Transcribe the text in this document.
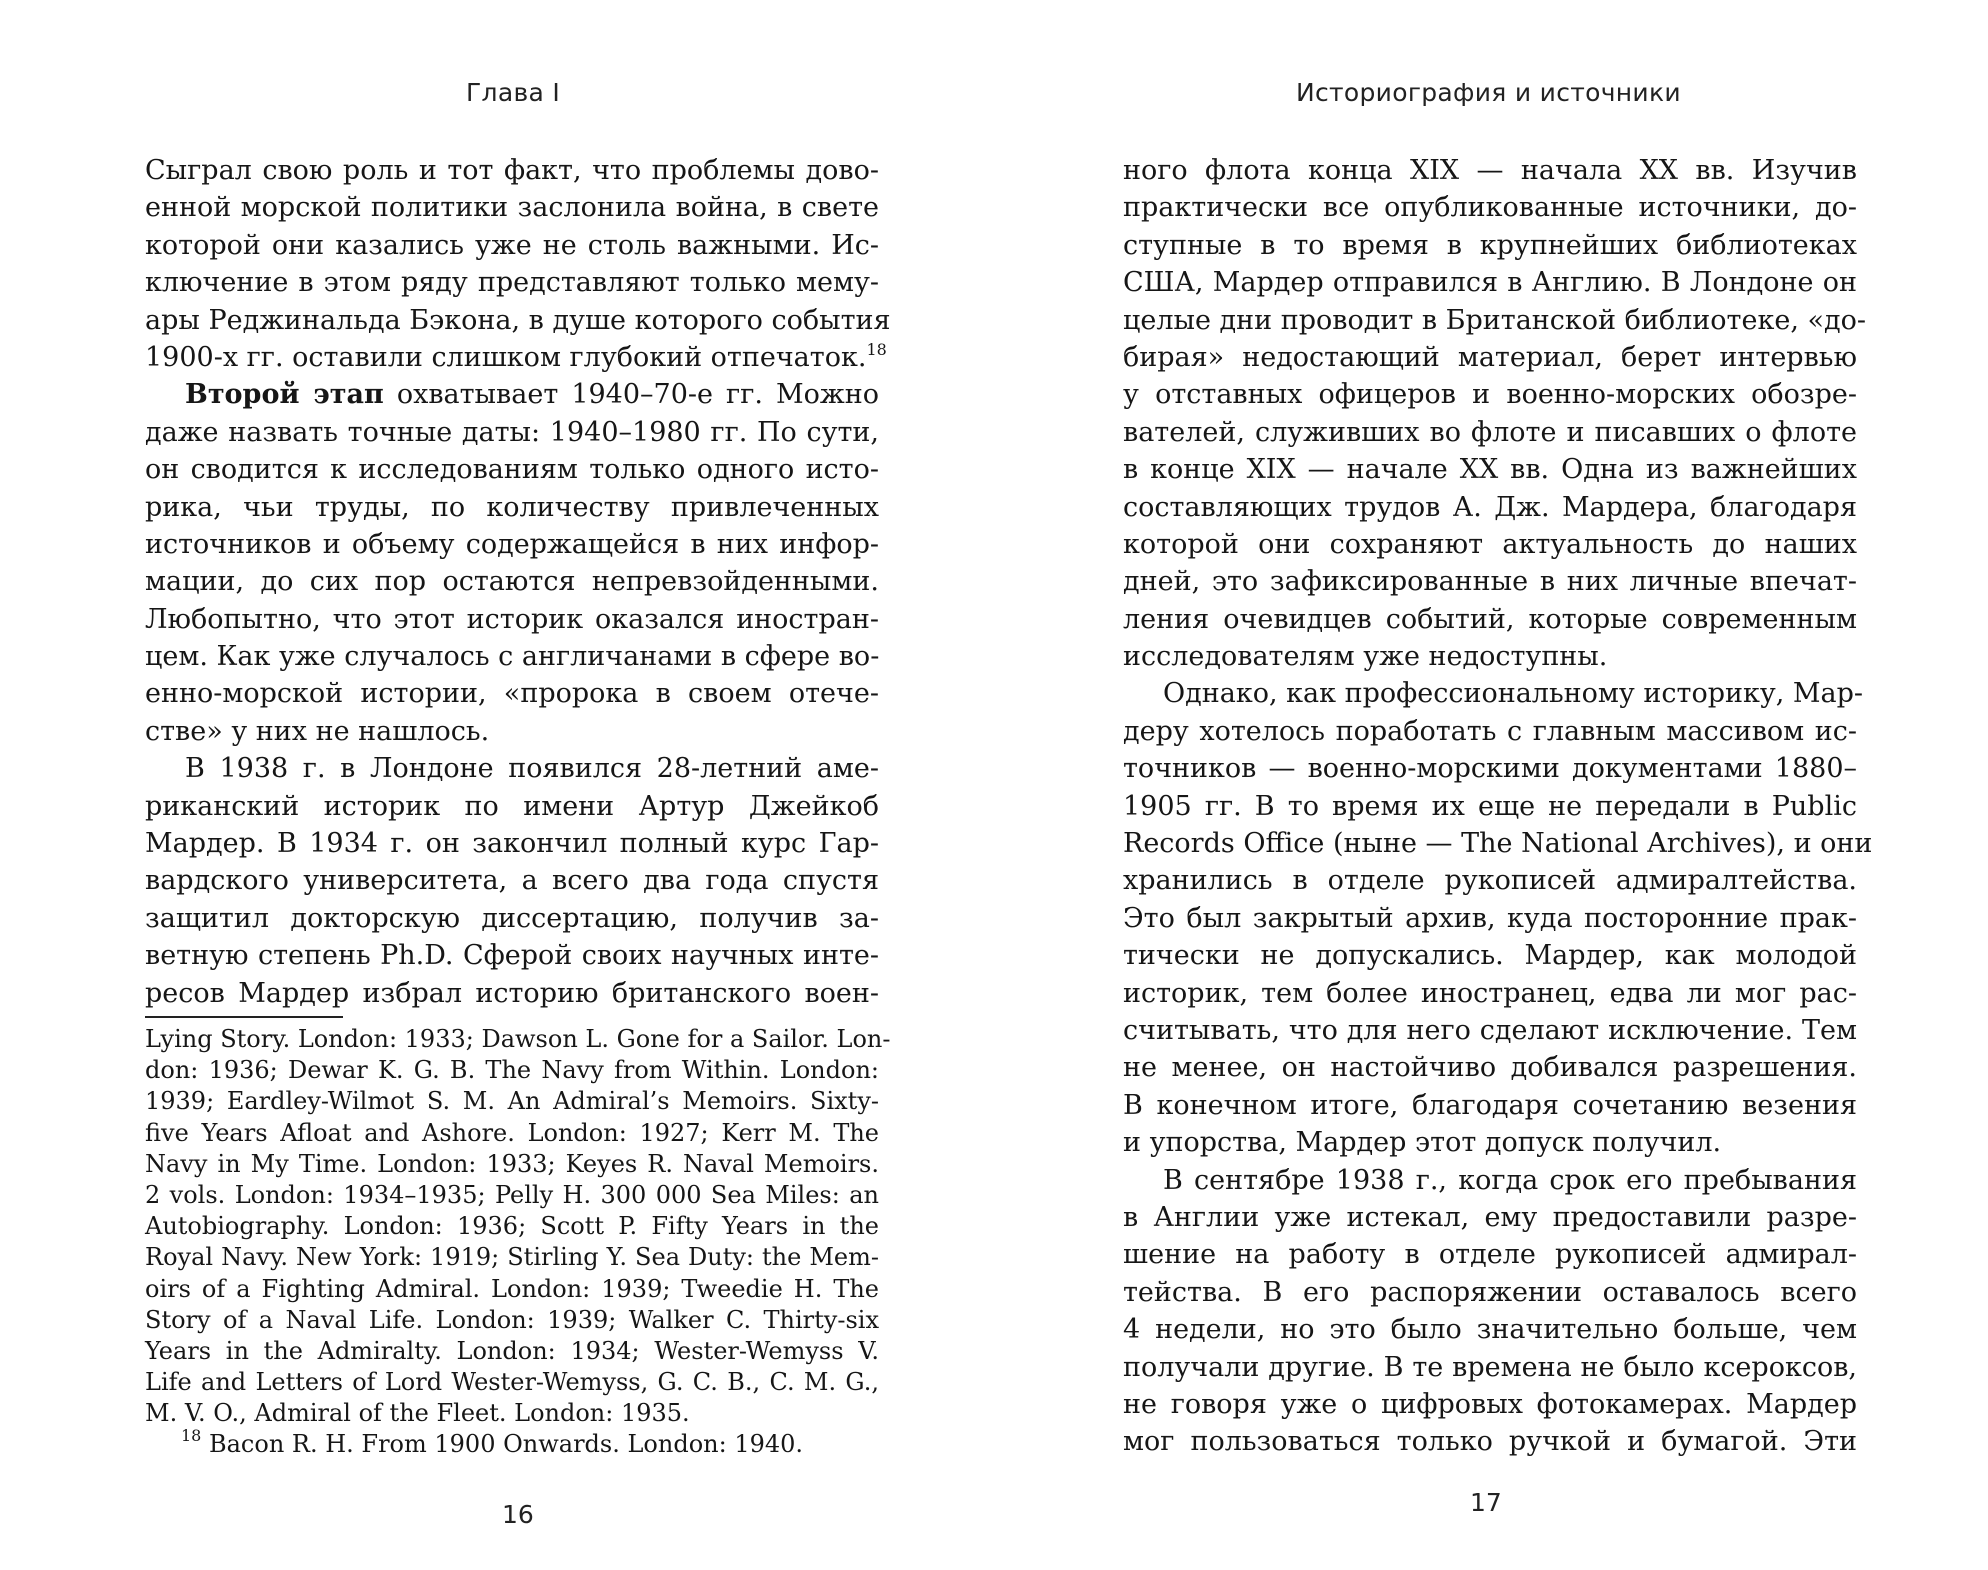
Глава I
Сыграл свою роль и тот факт, что проблемы дово-
енной морской политики заслонила война, в свете
которой они казались уже не столь важными. Ис-
ключение в этом ряду представляют только мему-
ары Реджинальда Бэкона, в душе которого события
1900-х гг. оставили слишком глубокий отпечаток.$^{18}$
Второй этап охватывает 1940–70-е гг. Можно
даже назвать точные даты: 1940–1980 гг. По сути,
он сводится к исследованиям только одного исто-
рика, чьи труды, по количеству привлеченных
источников и объему содержащейся в них инфор-
мации, до сих пор остаются непревзойденными.
Любопытно, что этот историк оказался иностран-
цем. Как уже случалось с англичанами в сфере во-
енно-морской истории, «пророка в своем отече-
стве» у них не нашлось.
В 1938 г. в Лондоне появился 28-летний аме-
риканский историк по имени Артур Джейкоб
Мардер. В 1934 г. он закончил полный курс Гар-
вардского университета, а всего два года спустя
защитил докторскую диссертацию, получив за-
ветную степень Ph.D. Сферой своих научных инте-
ресов Мардер избрал историю британского воен-
Lying Story. London: 1933; Dawson L. Gone for a Sailor. Lon-
don: 1936; Dewar K. G. B. The Navy from Within. London:
1939; Eardley-Wilmot S. M. An Admiral’s Memoirs. Sixty-
five Years Afloat and Ashore. London: 1927; Kerr M. The
Navy in My Time. London: 1933; Keyes R. Naval Memoirs.
2 vols. London: 1934–1935; Pelly H. 300 000 Sea Miles: an
Autobiography. London: 1936; Scott P. Fifty Years in the
Royal Navy. New York: 1919; Stirling Y. Sea Duty: the Mem-
oirs of a Fighting Admiral. London: 1939; Tweedie H. The
Story of a Naval Life. London: 1939; Walker C. Thirty-six
Years in the Admiralty. London: 1934; Wester-Wemyss V.
Life and Letters of Lord Wester-Wemyss, G. C. B., C. M. G.,
M. V. O., Admiral of the Fleet. London: 1935.
$^{18}$ Bacon R. H. From 1900 Onwards. London: 1940.
16
Историография и источники
ного флота конца XIX — начала XX вв. Изучив
практически все опубликованные источники, до-
ступные в то время в крупнейших библиотеках
США, Мардер отправился в Англию. В Лондоне он
целые дни проводит в Британской библиотеке, «до-
бирая» недостающий материал, берет интервью
у отставных офицеров и военно-морских обозре-
вателей, служивших во флоте и писавших о флоте
в конце XIX — начале XX вв. Одна из важнейших
составляющих трудов А. Дж. Мардера, благодаря
которой они сохраняют актуальность до наших
дней, это зафиксированные в них личные впечат-
ления очевидцев событий, которые современным
исследователям уже недоступны.
Однако, как профессиональному историку, Мар-
деру хотелось поработать с главным массивом ис-
точников — военно-морскими документами 1880–
1905 гг. В то время их еще не передали в Public
Records Office (ныне — The National Archives), и они
хранились в отделе рукописей адмиралтейства.
Это был закрытый архив, куда посторонние прак-
тически не допускались. Мардер, как молодой
историк, тем более иностранец, едва ли мог рас-
считывать, что для него сделают исключение. Тем
не менее, он настойчиво добивался разрешения.
В конечном итоге, благодаря сочетанию везения
и упорства, Мардер этот допуск получил.
В сентябре 1938 г., когда срок его пребывания
в Англии уже истекал, ему предоставили разре-
шение на работу в отделе рукописей адмирал-
тейства. В его распоряжении оставалось всего
4 недели, но это было значительно больше, чем
получали другие. В те времена не было ксероксов,
не говоря уже о цифровых фотокамерах. Мардер
мог пользоваться только ручкой и бумагой. Эти
17
